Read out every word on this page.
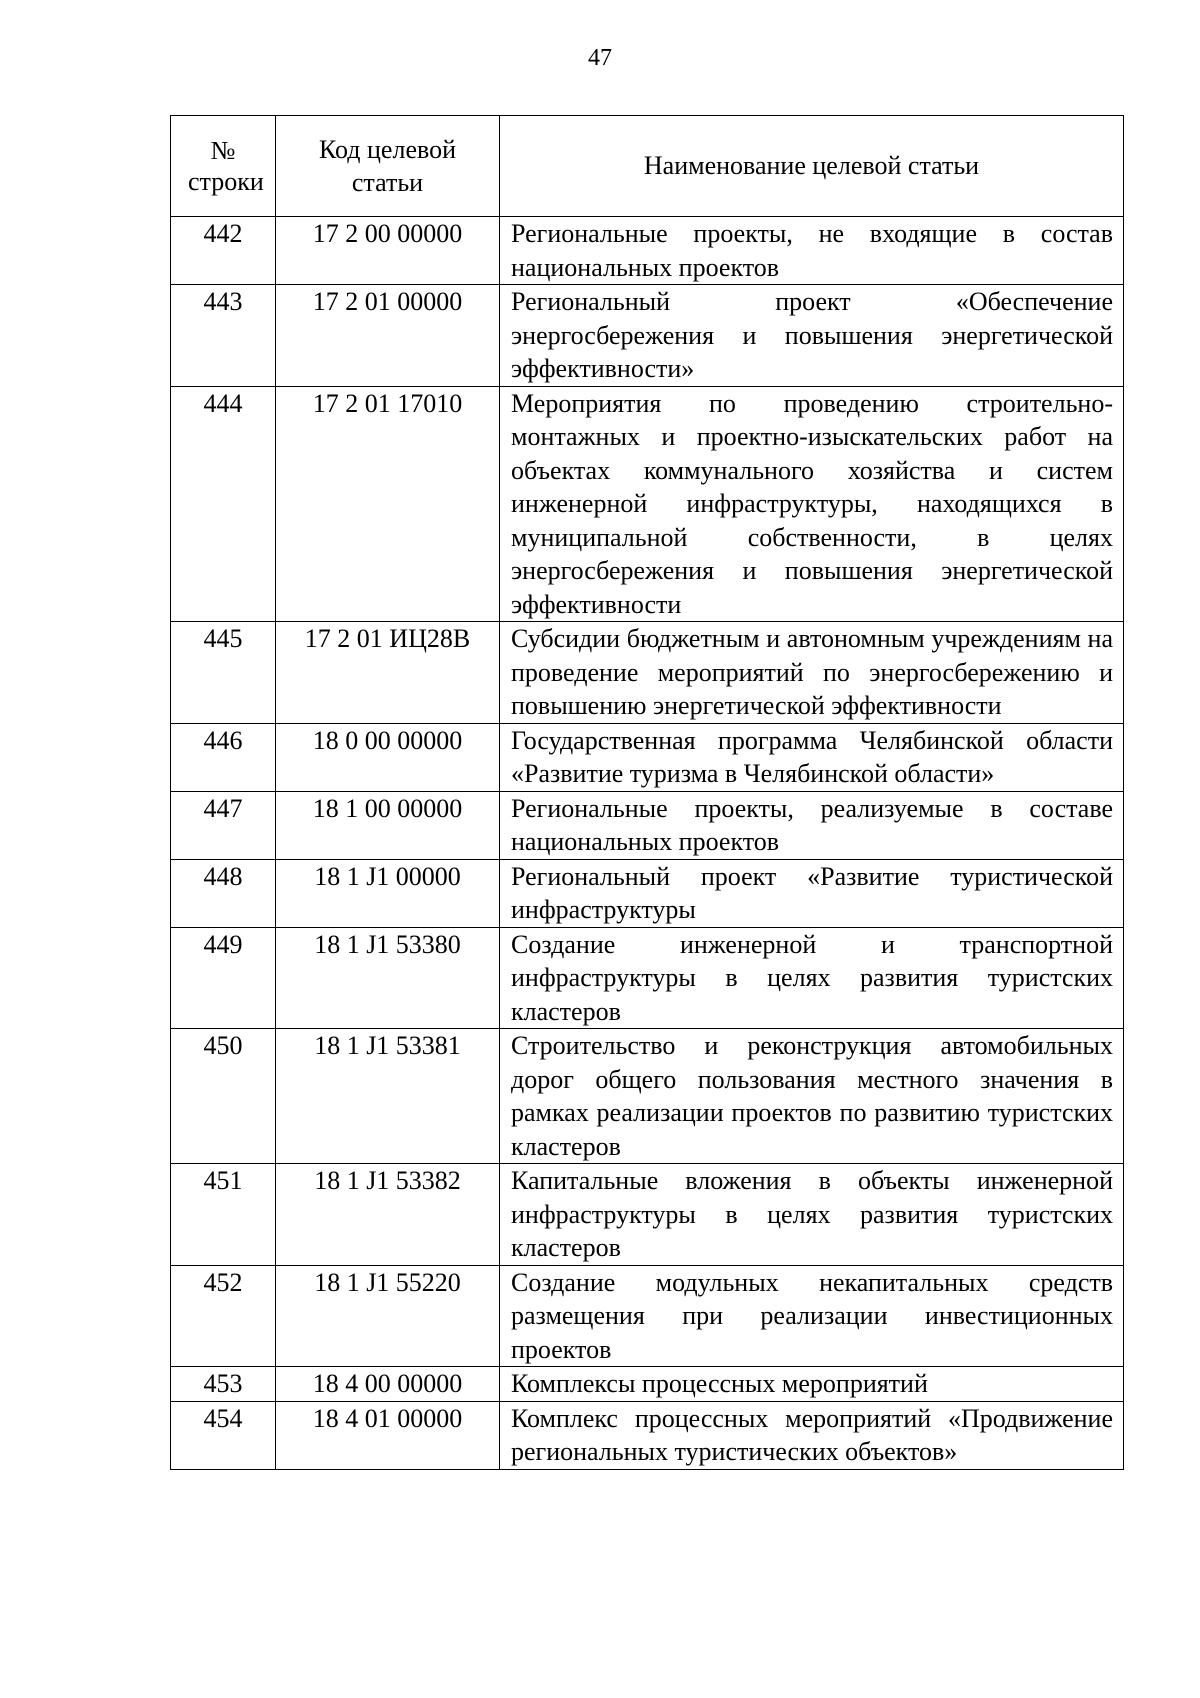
47
№ строки	Код целевой статьи	Наименование целевой статьи

442	17 2 00 00000	Региональные проекты, не входящие в состав национальных проектов
443	17 2 01 00000	Региональный проект «Обеспечение энергосбережения и повышения энергетической эффективности»
444	17 2 01 17010	Мероприятия по проведению строительно-монтажных и проектно-изыскательских работ на объектах коммунального хозяйства и систем инженерной инфраструктуры, находящихся в муниципальной собственности, в целях энергосбережения и повышения энергетической эффективности
445	17 2 01 ИЦ28В	Субсидии бюджетным и автономным учреждениям на проведение мероприятий по энергосбережению и повышению энергетической эффективности
446	18 0 00 00000	Государственная программа Челябинской области «Развитие туризма в Челябинской области»
447	18 1 00 00000	Региональные проекты, реализуемые в составе национальных проектов
448	18 1 J1 00000	Региональный проект «Развитие туристической инфраструктуры
449	18 1 J1 53380	Создание инженерной и транспортной инфраструктуры в целях развития туристских кластеров
450	18 1 J1 53381	Строительство и реконструкция автомобильных дорог общего пользования местного значения в рамках реализации проектов по развитию туристских кластеров
451	18 1 J1 53382	Капитальные вложения в объекты инженерной инфраструктуры в целях развития туристских кластеров
452	18 1 J1 55220	Создание модульных некапитальных средств размещения при реализации инвестиционных проектов
453	18 4 00 00000	Комплексы процессных мероприятий
454	18 4 01 00000	Комплекс процессных мероприятий «Продвижение региональных туристических объектов»
